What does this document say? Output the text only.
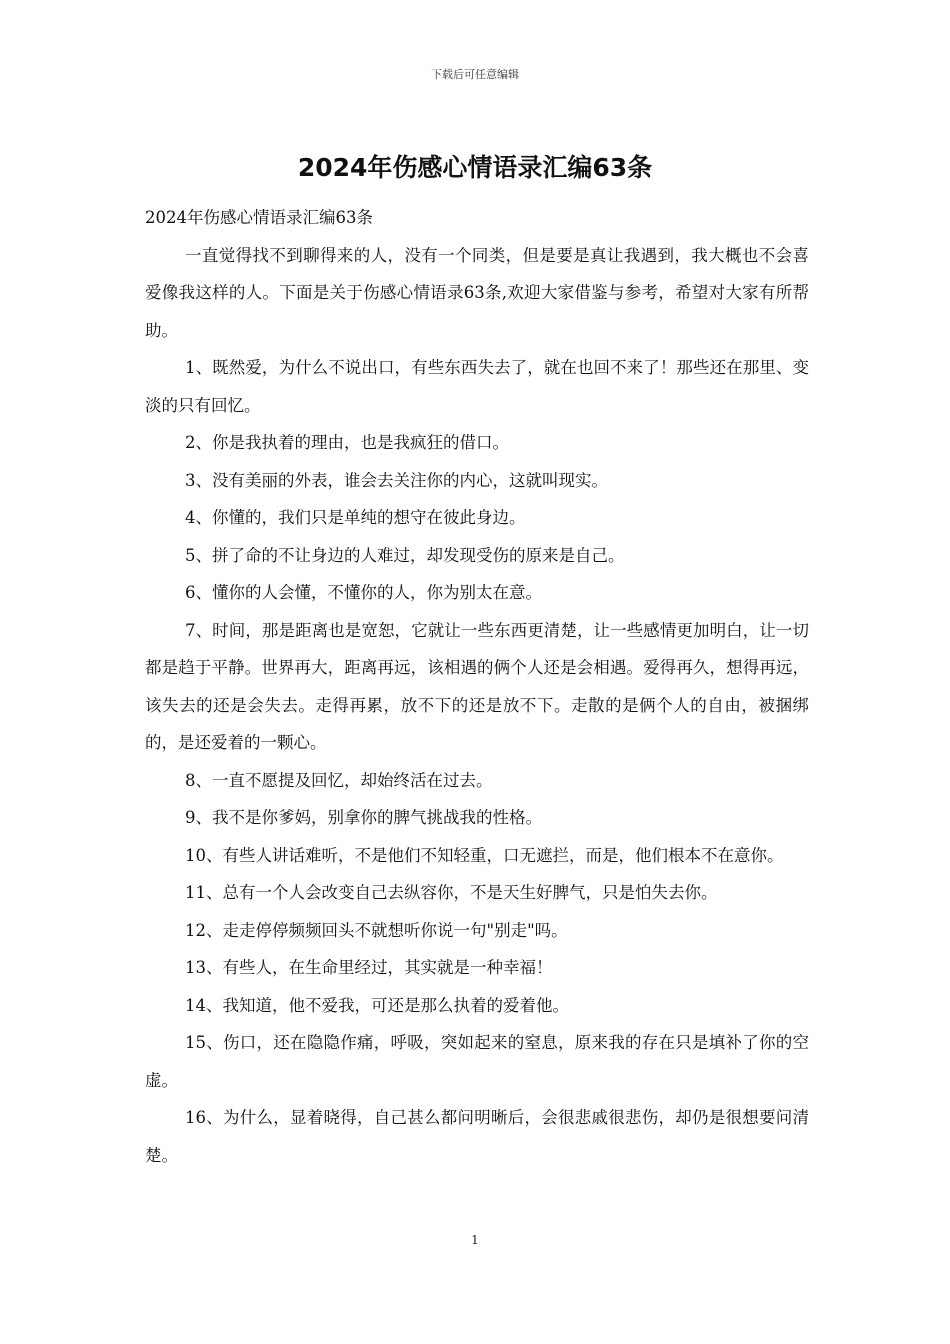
下载后可任意编辑
2024年伤感心情语录汇编63条

2024年伤感心情语录汇编63条

一直觉得找不到聊得来的人，没有一个同类，但是要是真让我遇到，我大概也不会喜爱像我这样的人。下面是关于伤感心情语录63条,欢迎大家借鉴与参考，希望对大家有所帮助。

1、既然爱，为什么不说出口，有些东西失去了，就在也回不来了！那些还在那里、变淡的只有回忆。

2、你是我执着的理由，也是我疯狂的借口。

3、没有美丽的外表，谁会去关注你的内心，这就叫现实。

4、你懂的，我们只是单纯的想守在彼此身边。

5、拼了命的不让身边的人难过，却发现受伤的原来是自己。

6、懂你的人会懂，不懂你的人，你为别太在意。

7、时间，那是距离也是宽恕，它就让一些东西更清楚，让一些感情更加明白，让一切都是趋于平静。世界再大，距离再远，该相遇的俩个人还是会相遇。爱得再久，想得再远，该失去的还是会失去。走得再累，放不下的还是放不下。走散的是俩个人的自由，被捆绑的，是还爱着的一颗心。

8、一直不愿提及回忆，却始终活在过去。

9、我不是你爹妈，别拿你的脾气挑战我的性格。

10、有些人讲话难听，不是他们不知轻重，口无遮拦，而是，他们根本不在意你。

11、总有一个人会改变自己去纵容你，不是天生好脾气，只是怕失去你。

12、走走停停频频回头不就想听你说一句"别走"吗。

13、有些人，在生命里经过，其实就是一种幸福！

14、我知道，他不爱我，可还是那么执着的爱着他。

15、伤口，还在隐隐作痛，呼吸，突如起来的窒息，原来我的存在只是填补了你的空虚。

16、为什么，显着晓得，自己甚么都问明晰后，会很悲戚很悲伤，却仍是很想要问清楚。

1
